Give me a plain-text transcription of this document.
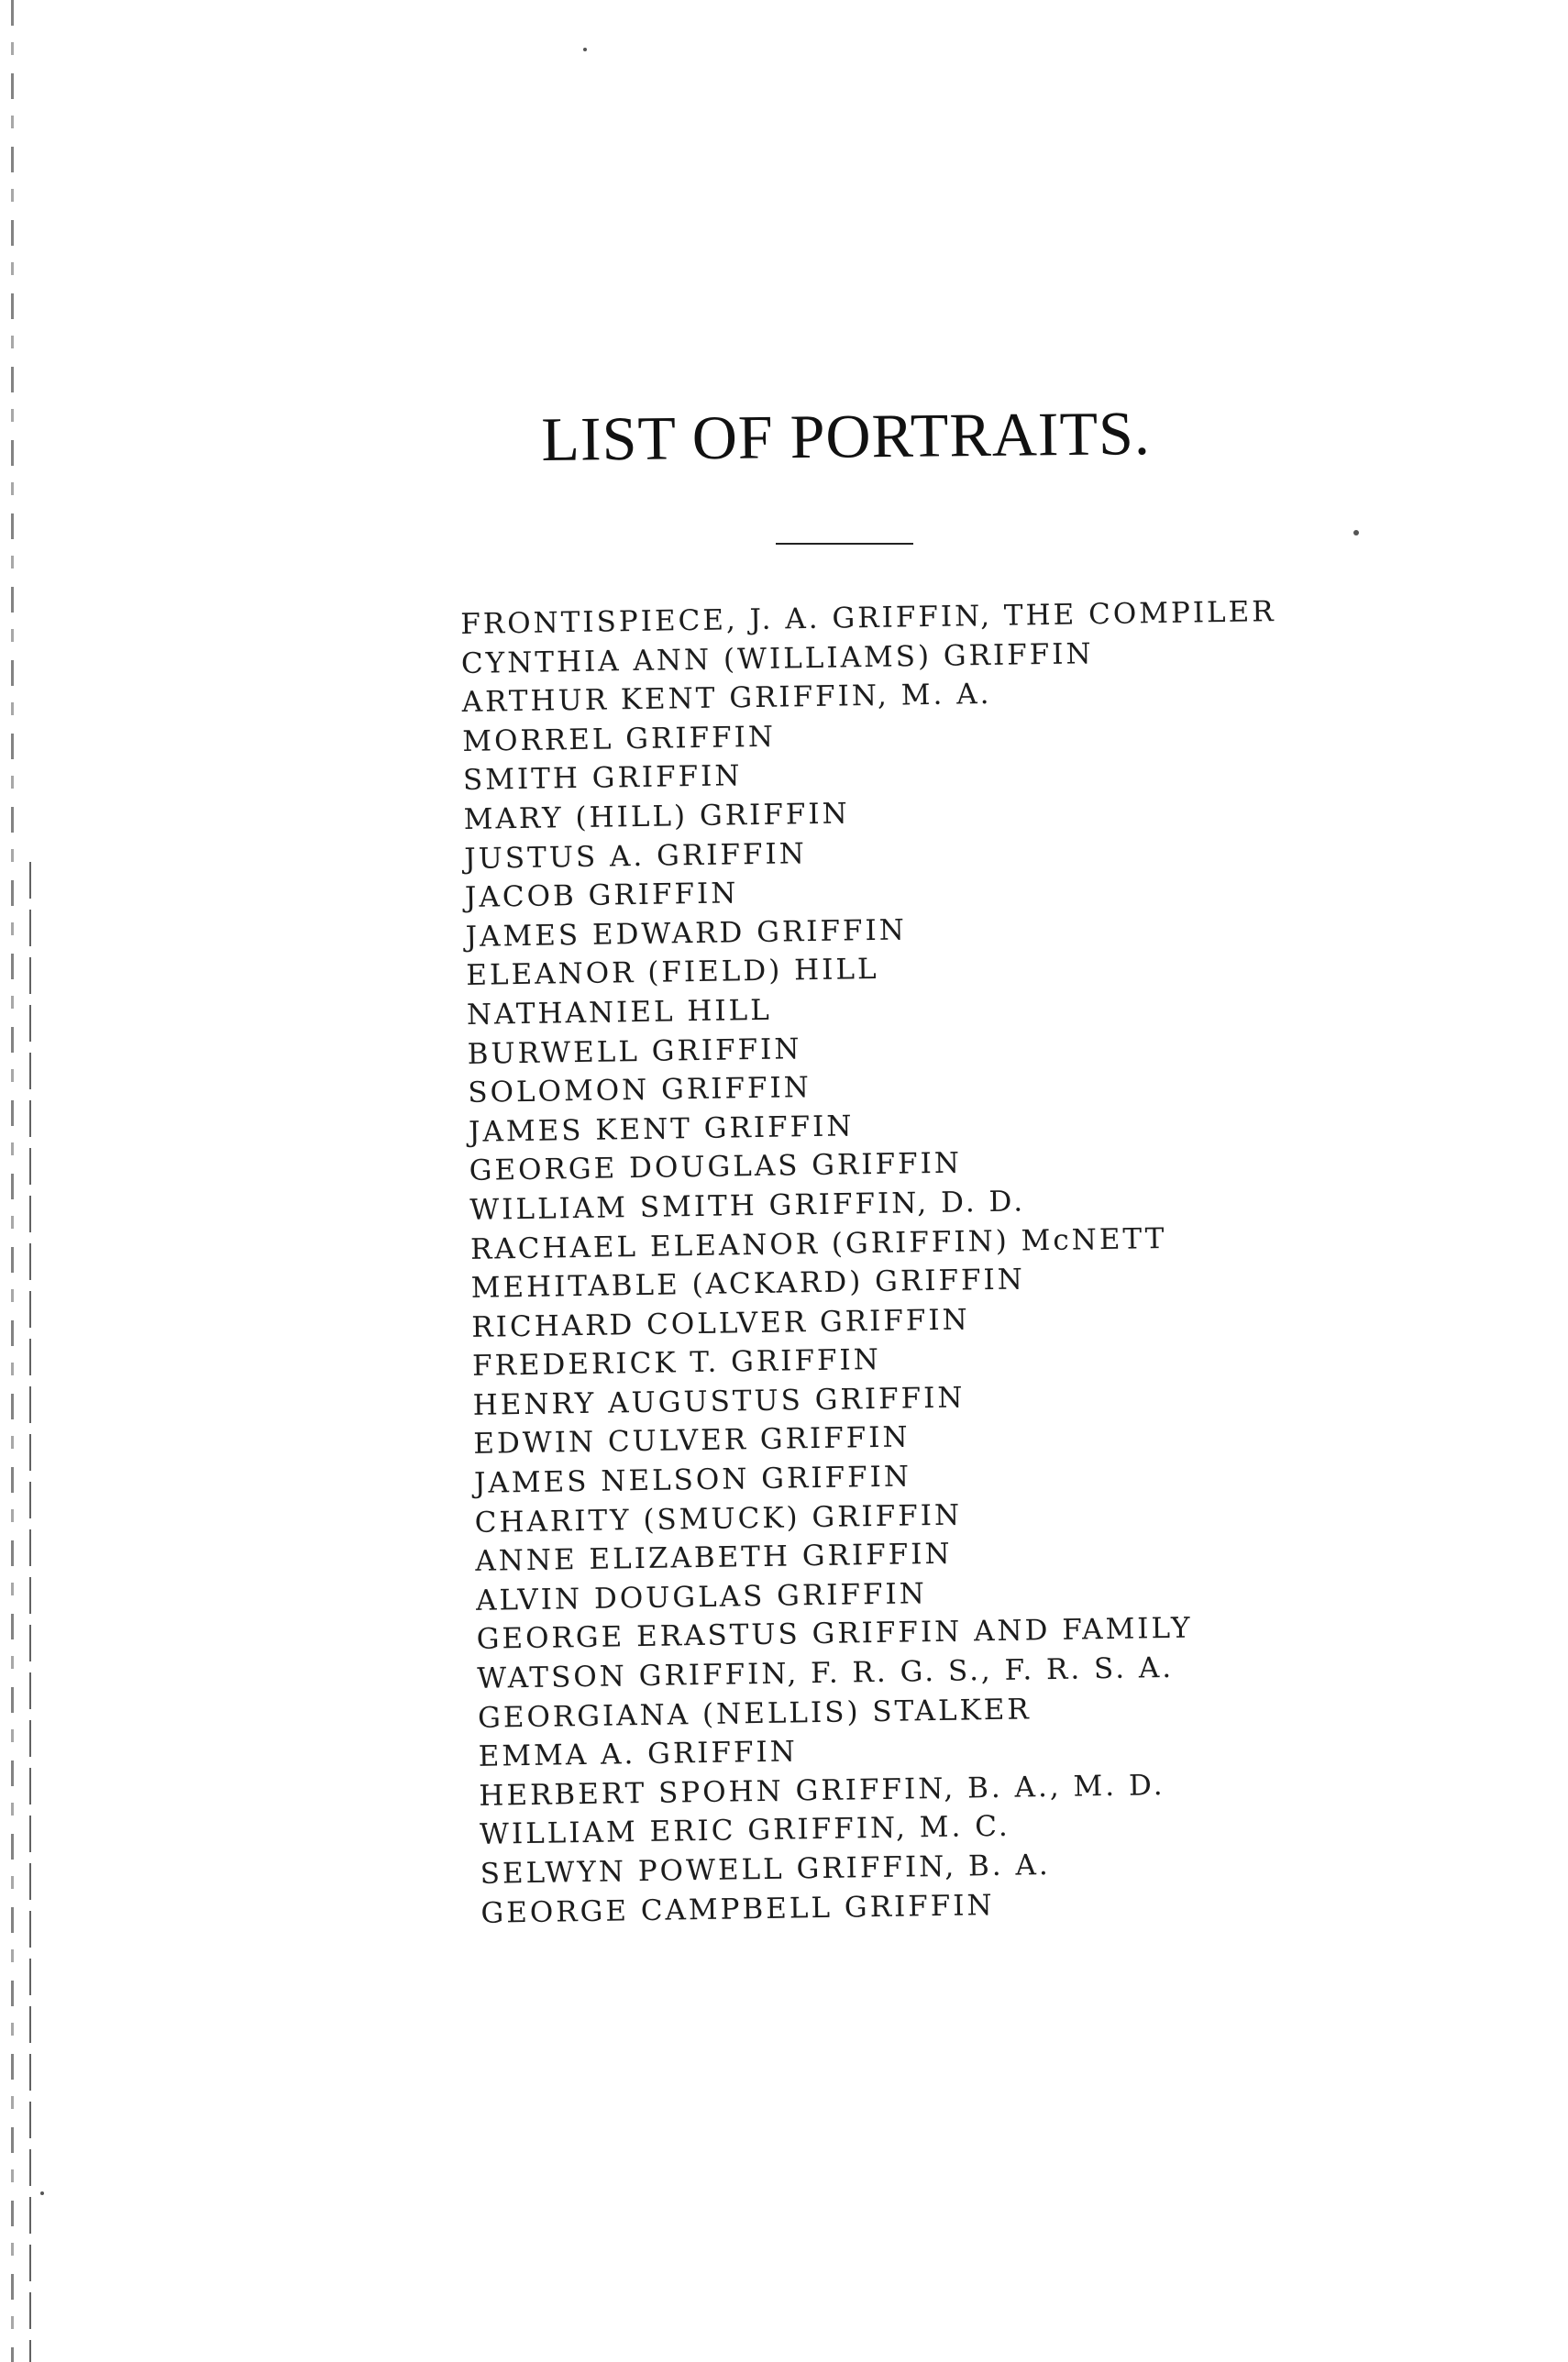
LIST OF PORTRAITS.
FRONTISPIECE, J. A. GRIFFIN, THE COMPILER
CYNTHIA ANN (WILLIAMS) GRIFFIN
ARTHUR KENT GRIFFIN, M. A.
MORREL GRIFFIN
SMITH GRIFFIN
MARY (HILL) GRIFFIN
JUSTUS A. GRIFFIN
JACOB GRIFFIN
JAMES EDWARD GRIFFIN
ELEANOR (FIELD) HILL
NATHANIEL HILL
BURWELL GRIFFIN
SOLOMON GRIFFIN
JAMES KENT GRIFFIN
GEORGE DOUGLAS GRIFFIN
WILLIAM SMITH GRIFFIN, D. D.
RACHAEL ELEANOR (GRIFFIN) McNETT
MEHITABLE (ACKARD) GRIFFIN
RICHARD COLLVER GRIFFIN
FREDERICK T. GRIFFIN
HENRY AUGUSTUS GRIFFIN
EDWIN CULVER GRIFFIN
JAMES NELSON GRIFFIN
CHARITY (SMUCK) GRIFFIN
ANNE ELIZABETH GRIFFIN
ALVIN DOUGLAS GRIFFIN
GEORGE ERASTUS GRIFFIN AND FAMILY
WATSON GRIFFIN, F. R. G. S., F. R. S. A.
GEORGIANA (NELLIS) STALKER
EMMA A. GRIFFIN
HERBERT SPOHN GRIFFIN, B. A., M. D.
WILLIAM ERIC GRIFFIN, M. C.
SELWYN POWELL GRIFFIN, B. A.
GEORGE CAMPBELL GRIFFIN
